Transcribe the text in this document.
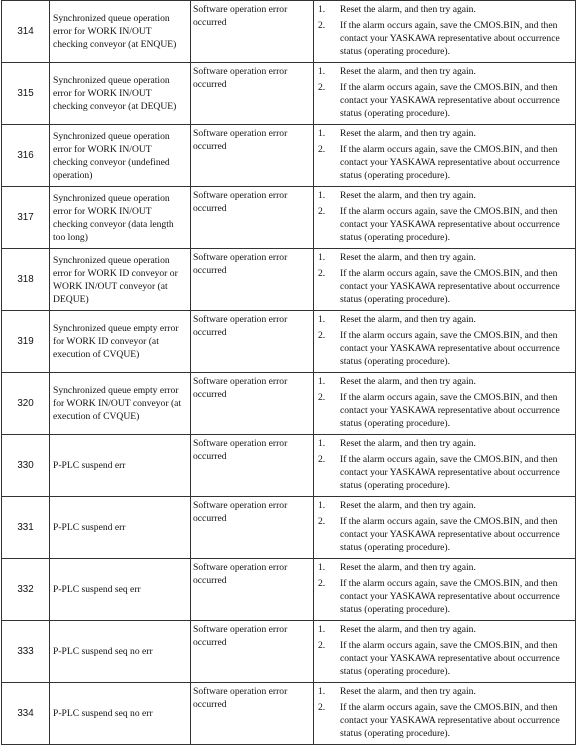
314	Synchronized queue operation error for WORK IN/OUT checking conveyor (at ENQUE)	Software operation error occurred	1. Reset the alarm, and then try again.
2. If the alarm occurs again, save the CMOS.BIN, and then contact your YASKAWA representative about occurrence status (operating procedure).

315	Synchronized queue operation error for WORK IN/OUT checking conveyor (at DEQUE)	Software operation error occurred	1. Reset the alarm, and then try again.
2. If the alarm occurs again, save the CMOS.BIN, and then contact your YASKAWA representative about occurrence status (operating procedure).

316	Synchronized queue operation error for WORK IN/OUT checking conveyor (undefined operation)	Software operation error occurred	1. Reset the alarm, and then try again.
2. If the alarm occurs again, save the CMOS.BIN, and then contact your YASKAWA representative about occurrence status (operating procedure).

317	Synchronized queue operation error for WORK IN/OUT checking conveyor (data length too long)	Software operation error occurred	1. Reset the alarm, and then try again.
2. If the alarm occurs again, save the CMOS.BIN, and then contact your YASKAWA representative about occurrence status (operating procedure).

318	Synchronized queue operation error for WORK ID conveyor or WORK IN/OUT conveyor (at DEQUE)	Software operation error occurred	1. Reset the alarm, and then try again.
2. If the alarm occurs again, save the CMOS.BIN, and then contact your YASKAWA representative about occurrence status (operating procedure).

319	Synchronized queue empty error for WORK ID conveyor (at execution of CVQUE)	Software operation error occurred	1. Reset the alarm, and then try again.
2. If the alarm occurs again, save the CMOS.BIN, and then contact your YASKAWA representative about occurrence status (operating procedure).

320	Synchronized queue empty error for WORK IN/OUT conveyor (at execution of CVQUE)	Software operation error occurred	1. Reset the alarm, and then try again.
2. If the alarm occurs again, save the CMOS.BIN, and then contact your YASKAWA representative about occurrence status (operating procedure).

330	P-PLC suspend err	Software operation error occurred	1. Reset the alarm, and then try again.
2. If the alarm occurs again, save the CMOS.BIN, and then contact your YASKAWA representative about occurrence status (operating procedure).

331	P-PLC suspend err	Software operation error occurred	1. Reset the alarm, and then try again.
2. If the alarm occurs again, save the CMOS.BIN, and then contact your YASKAWA representative about occurrence status (operating procedure).

332	P-PLC suspend seq err	Software operation error occurred	1. Reset the alarm, and then try again.
2. If the alarm occurs again, save the CMOS.BIN, and then contact your YASKAWA representative about occurrence status (operating procedure).

333	P-PLC suspend seq no err	Software operation error occurred	1. Reset the alarm, and then try again.
2. If the alarm occurs again, save the CMOS.BIN, and then contact your YASKAWA representative about occurrence status (operating procedure).

334	P-PLC suspend seq no err	Software operation error occurred	1. Reset the alarm, and then try again.
2. If the alarm occurs again, save the CMOS.BIN, and then contact your YASKAWA representative about occurrence status (operating procedure).
